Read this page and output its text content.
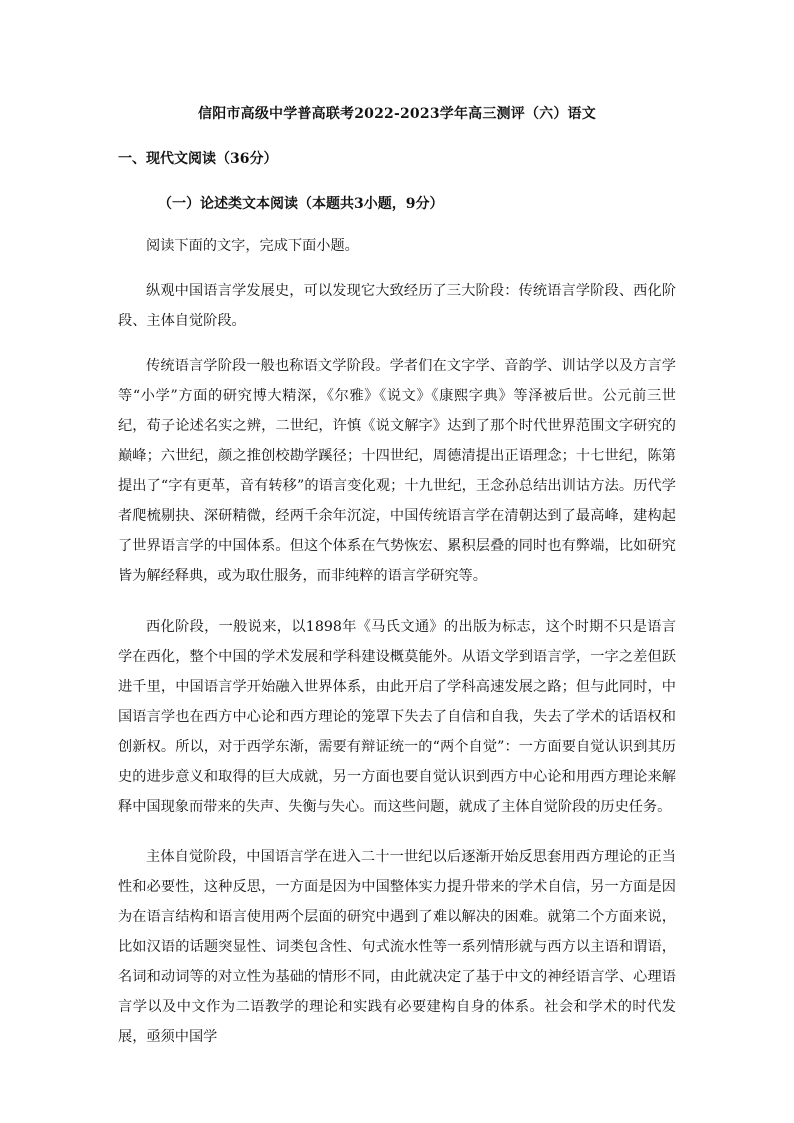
信阳市高级中学普高联考2022-2023学年高三测评（六）语文
一、现代文阅读（36分）
（一）论述类文本阅读（本题共3小题，9分）

阅读下面的文字，完成下面小题。

纵观中国语言学发展史，可以发现它大致经历了三大阶段：传统语言学阶段、西化阶段、主体自觉阶段。

传统语言学阶段一般也称语文学阶段。学者们在文字学、音韵学、训诂学以及方言学等“小学”方面的研究博大精深，《尔雅》《说文》《康熙字典》等泽被后世。公元前三世纪，荀子论述名实之辨，二世纪，许慎《说文解字》达到了那个时代世界范围文字研究的巅峰；六世纪，颜之推创校勘学蹊径；十四世纪，周德清提出正语理念；十七世纪，陈第提出了“字有更革，音有转移”的语言变化观；十九世纪，王念孙总结出训诂方法。历代学者爬梳剔抉、深研精微，经两千余年沉淀，中国传统语言学在清朝达到了最高峰，建构起了世界语言学的中国体系。但这个体系在气势恢宏、累积层叠的同时也有弊端，比如研究皆为解经释典，或为取仕服务，而非纯粹的语言学研究等。

西化阶段，一般说来，以1898年《马氏文通》的出版为标志，这个时期不只是语言学在西化，整个中国的学术发展和学科建设概莫能外。从语文学到语言学，一字之差但跃进千里，中国语言学开始融入世界体系，由此开启了学科高速发展之路；但与此同时，中国语言学也在西方中心论和西方理论的笼罩下失去了自信和自我，失去了学术的话语权和创新权。所以，对于西学东渐，需要有辩证统一的“两个自觉”：一方面要自觉认识到其历史的进步意义和取得的巨大成就，另一方面也要自觉认识到西方中心论和用西方理论来解释中国现象而带来的失声、失衡与失心。而这些问题，就成了主体自觉阶段的历史任务。

主体自觉阶段，中国语言学在进入二十一世纪以后逐渐开始反思套用西方理论的正当性和必要性，这种反思，一方面是因为中国整体实力提升带来的学术自信，另一方面是因为在语言结构和语言使用两个层面的研究中遇到了难以解决的困难。就第二个方面来说，比如汉语的话题突显性、词类包含性、句式流水性等一系列情形就与西方以主语和谓语，名词和动词等的对立性为基础的情形不同，由此就决定了基于中文的神经语言学、心理语言学以及中文作为二语教学的理论和实践有必要建构自身的体系。社会和学术的时代发展，亟须中国学
